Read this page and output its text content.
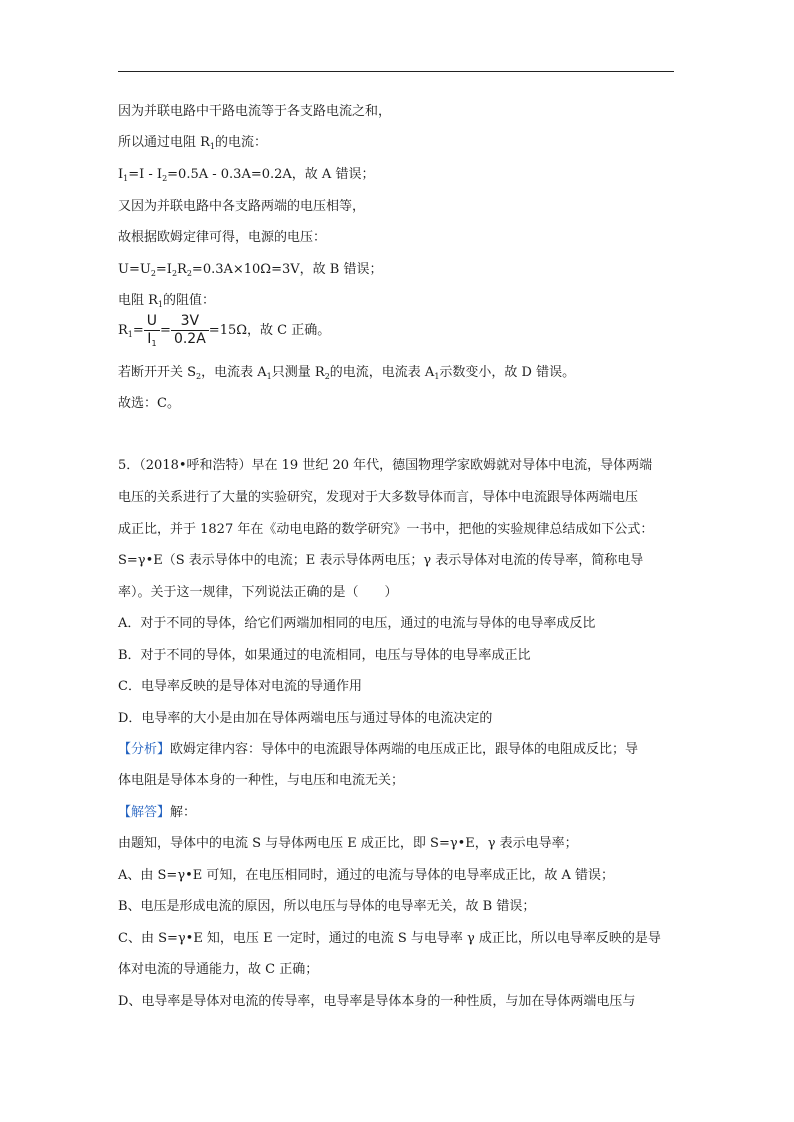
因为并联电路中干路电流等于各支路电流之和，
所以通过电阻 $R_1$的电流：
$I_1=I - I_2=0.5A - 0.3A=0.2A$，故 A 错误；
又因为并联电路中各支路两端的电压相等，
故根据欧姆定律可得，电源的电压：
$U=U_2=I_2R_2=0.3A\times 10\Omega=3V$，故 B 错误；
电阻 $R_1$的阻值：
$R_1= \frac{U}{I_1} = \frac{3V}{0.2A} =15\Omega$，故 C 正确。
若断开开关 $S_2$，电流表 $A_1$只测量 $R_2$的电流，电流表 $A_1$示数变小，故 D 错误。
故选：C。
5．（2018•呼和浩特）早在 19 世纪 20 年代，德国物理学家欧姆就对导体中电流，导体两端
电压的关系进行了大量的实验研究，发现对于大多数导体而言，导体中电流跟导体两端电压
成正比，并于 1827 年在《动电电路的数学研究》一书中，把他的实验规律总结成如下公式：
S=γ•E（S 表示导体中的电流；E 表示导体两电压；γ 表示导体对电流的传导率，简称电导
率）。关于这一规律，下列说法正确的是（　　）
A．对于不同的导体，给它们两端加相同的电压，通过的电流与导体的电导率成反比
B．对于不同的导体，如果通过的电流相同，电压与导体的电导率成正比
C．电导率反映的是导体对电流的导通作用
D．电导率的大小是由加在导体两端电压与通过导体的电流决定的
【分析】欧姆定律内容：导体中的电流跟导体两端的电压成正比，跟导体的电阻成反比；导
体电阻是导体本身的一种性，与电压和电流无关；
【解答】解：
由题知，导体中的电流 S 与导体两电压 E 成正比，即 S=γ•E，γ 表示电导率；
A、由 S=γ•E 可知，在电压相同时，通过的电流与导体的电导率成正比，故 A 错误；
B、电压是形成电流的原因，所以电压与导体的电导率无关，故 B 错误；
C、由 S=γ•E 知，电压 E 一定时，通过的电流 S 与电导率 γ 成正比，所以电导率反映的是导
体对电流的导通能力，故 C 正确；
D、电导率是导体对电流的传导率，电导率是导体本身的一种性质，与加在导体两端电压与
